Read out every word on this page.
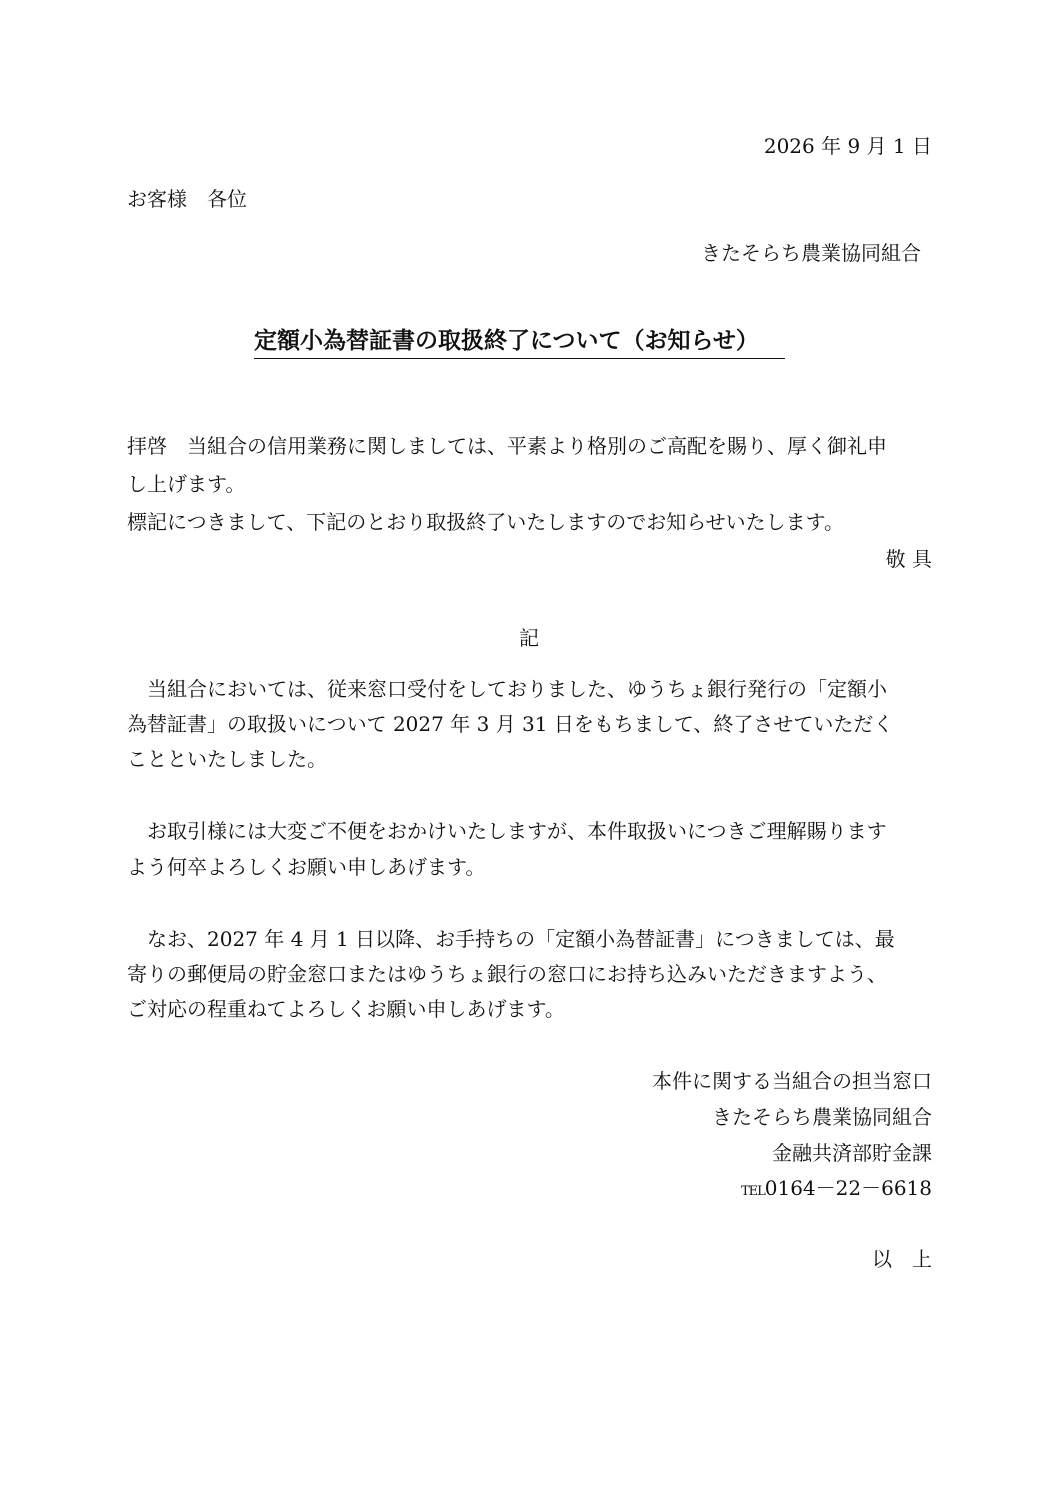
2026 年 9 月 1 日
お客様　各位
きたそらち農業協同組合
定額小為替証書の取扱終了について（お知らせ）
拝啓　当組合の信用業務に関しましては、平素より格別のご高配を賜り、厚く御礼申
し上げます。
標記につきまして、下記のとおり取扱終了いたしますのでお知らせいたします。
敬 具
記
　当組合においては、従来窓口受付をしておりました、ゆうちょ銀行発行の「定額小
為替証書」の取扱いについて 2027 年 3 月 31 日をもちまして、終了させていただく
ことといたしました。
　お取引様には大変ご不便をおかけいたしますが、本件取扱いにつきご理解賜ります
よう何卒よろしくお願い申しあげます。
　なお、2027 年 4 月 1 日以降、お手持ちの「定額小為替証書」につきましては、最
寄りの郵便局の貯金窓口またはゆうちょ銀行の窓口にお持ち込みいただきますよう、
ご対応の程重ねてよろしくお願い申しあげます。
本件に関する当組合の担当窓口
きたそらち農業協同組合
金融共済部貯金課
TEL0164－22－6618
以　上
